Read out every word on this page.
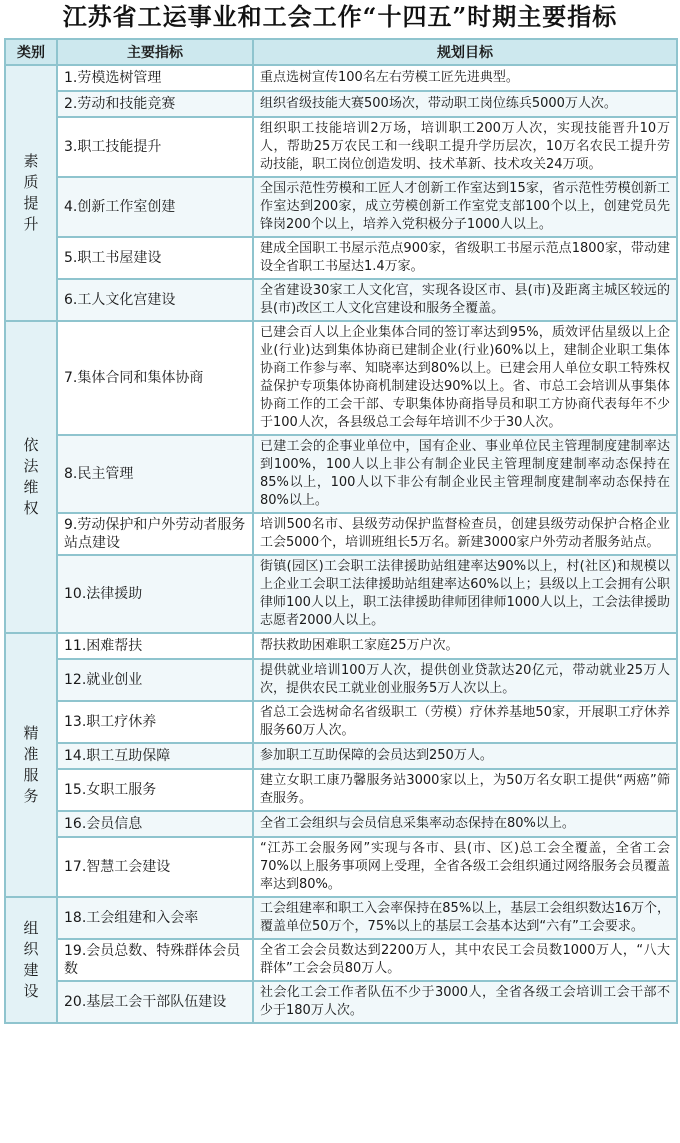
江苏省工运事业和工会工作“十四五”时期主要指标
类别	主要指标	规划目标
素质提升	1.劳模选树管理	重点选树宣传100名左右劳模工匠先进典型。
	2.劳动和技能竞赛	组织省级技能大赛500场次，带动职工岗位练兵5000万人次。
	3.职工技能提升	组织职工技能培训2万场，培训职工200万人次，实现技能晋升10万人，帮助25万农民工和一线职工提升学历层次，10万名农民工提升劳动技能，职工岗位创造发明、技术革新、技术攻关24万项。
	4.创新工作室创建	全国示范性劳模和工匠人才创新工作室达到15家，省示范性劳模创新工作室达到200家，成立劳模创新工作室党支部100个以上，创建党员先锋岗200个以上，培养入党积极分子1000人以上。
	5.职工书屋建设	建成全国职工书屋示范点900家，省级职工书屋示范点1800家，带动建设全省职工书屋达1.4万家。
	6.工人文化宫建设	全省建设30家工人文化宫，实现各设区市、县(市)及距离主城区较远的县(市)改区工人文化宫建设和服务全覆盖。
依法维权	7.集体合同和集体协商	已建会百人以上企业集体合同的签订率达到95%，质效评估星级以上企业(行业)达到集体协商已建制企业(行业)60%以上，建制企业职工集体协商工作参与率、知晓率达到80%以上。已建会用人单位女职工特殊权益保护专项集体协商机制建设达90%以上。省、市总工会培训从事集体协商工作的工会干部、专职集体协商指导员和职工方协商代表每年不少于100人次，各县级总工会每年培训不少于30人次。
	8.民主管理	已建工会的企事业单位中，国有企业、事业单位民主管理制度建制率达到100%，100人以上非公有制企业民主管理制度建制率动态保持在85%以上，100人以下非公有制企业民主管理制度建制率动态保持在80%以上。
	9.劳动保护和户外劳动者服务站点建设	培训500名市、县级劳动保护监督检查员，创建县级劳动保护合格企业工会5000个，培训班组长5万名。新建3000家户外劳动者服务站点。
	10.法律援助	街镇(园区)工会职工法律援助站组建率达90%以上，村(社区)和规模以上企业工会职工法律援助站组建率达60%以上；县级以上工会拥有公职律师100人以上，职工法律援助律师团律师1000人以上，工会法律援助志愿者2000人以上。
精准服务	11.困难帮扶	帮扶救助困难职工家庭25万户次。
	12.就业创业	提供就业培训100万人次，提供创业贷款达20亿元，带动就业25万人次，提供农民工就业创业服务5万人次以上。
	13.职工疗休养	省总工会选树命名省级职工（劳模）疗休养基地50家，开展职工疗休养服务60万人次。
	14.职工互助保障	参加职工互助保障的会员达到250万人。
	15.女职工服务	建立女职工康乃馨服务站3000家以上，为50万名女职工提供“两癌”筛查服务。
	16.会员信息	全省工会组织与会员信息采集率动态保持在80%以上。
	17.智慧工会建设	“江苏工会服务网”实现与各市、县(市、区)总工会全覆盖，全省工会70%以上服务事项网上受理，全省各级工会组织通过网络服务会员覆盖率达到80%。
组织建设	18.工会组建和入会率	工会组建率和职工入会率保持在85%以上，基层工会组织数达16万个，覆盖单位50万个，75%以上的基层工会基本达到“六有”工会要求。
	19.会员总数、特殊群体会员数	全省工会会员数达到2200万人，其中农民工会员数1000万人，“八大群体”工会会员80万人。
	20.基层工会干部队伍建设	社会化工会工作者队伍不少于3000人，全省各级工会培训工会干部不少于180万人次。
